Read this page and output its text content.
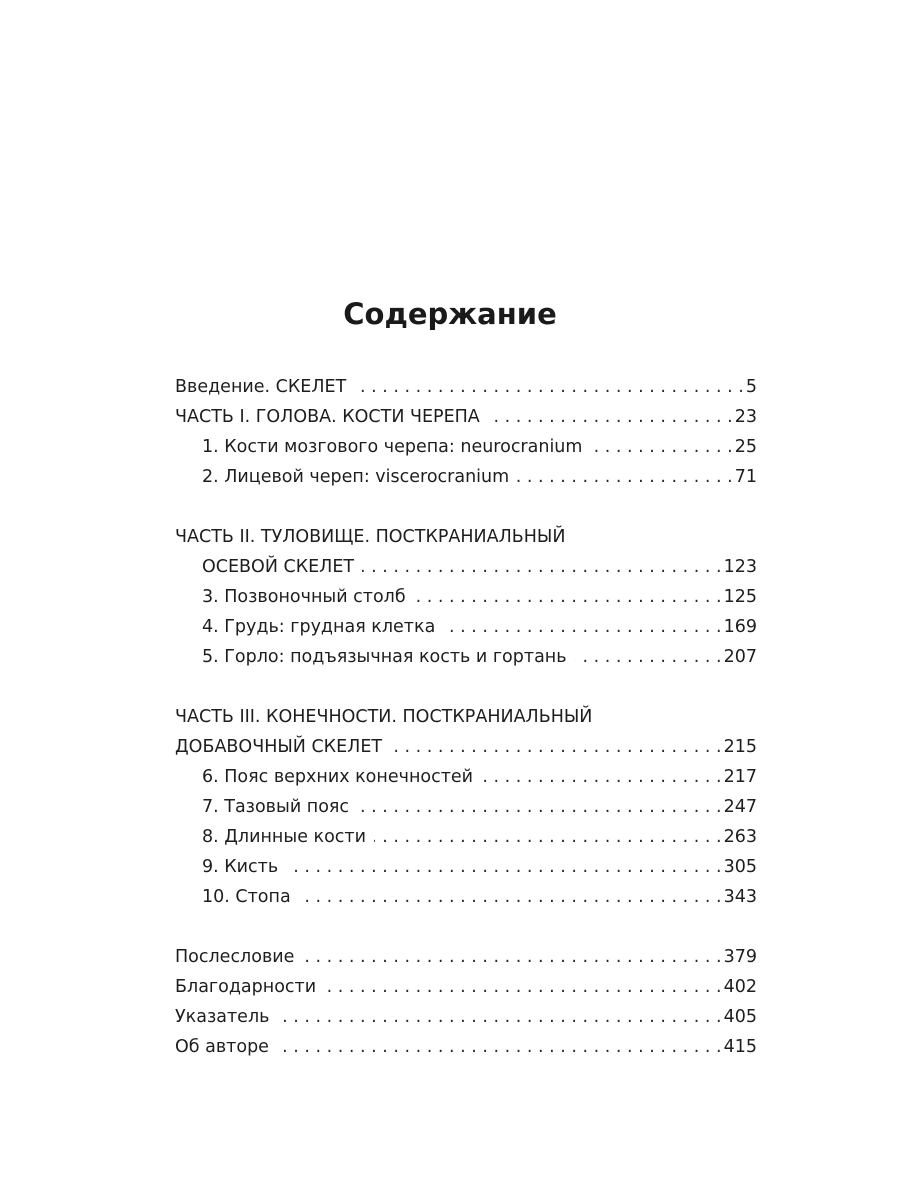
Содержание
Введение. СКЕЛЕТ . . .	5
ЧАСТЬ I. ГОЛОВА. КОСТИ ЧЕРЕПА . . .	23
1. Кости мозгового черепа: neurocranium . . .	25
2. Лицевой череп: viscerocranium . . .	71
ЧАСТЬ II. ТУЛОВИЩЕ. ПОСТКРАНИАЛЬНЫЙ
ОСЕВОЙ СКЕЛЕТ . . .	123
3. Позвоночный столб . . .	125
4. Грудь: грудная клетка . . .	169
5. Горло: подъязычная кость и гортань . . .	207
ЧАСТЬ III. КОНЕЧНОСТИ. ПОСТКРАНИАЛЬНЫЙ
ДОБАВОЧНЫЙ СКЕЛЕТ . . .	215
6. Пояс верхних конечностей . . .	217
7. Тазовый пояс . . .	247
8. Длинные кости . . .	263
9. Кисть . . .	305
10. Стопа . . .	343
Послесловие . . .	379
Благодарности . . .	402
Указатель . . .	405
Об авторе . . .	415
